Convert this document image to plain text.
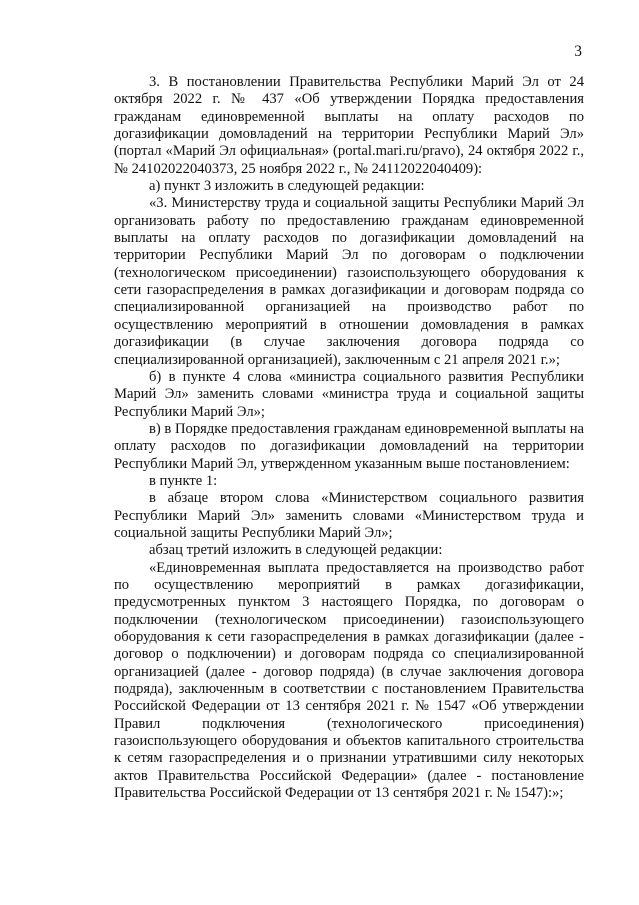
3

3. В постановлении Правительства Республики Марий Эл от 24 октября 2022 г. № 437 «Об утверждении Порядка предоставления гражданам единовременной выплаты на оплату расходов по догазификации домовладений на территории Республики Марий Эл» (портал «Марий Эл официальная» (portal.mari.ru/pravo), 24 октября 2022 г., № 24102022040373, 25 ноября 2022 г., № 24112022040409):

а) пункт 3 изложить в следующей редакции:

«3. Министерству труда и социальной защиты Республики Марий Эл организовать работу по предоставлению гражданам единовременной выплаты на оплату расходов по догазификации домовладений на территории Республики Марий Эл по договорам о подключении (технологическом присоединении) газоиспользующего оборудования к сети газораспределения в рамках догазификации и договорам подряда со специализированной организацией на производство работ по осуществлению мероприятий в отношении домовладения в рамках догазификации (в случае заключения договора подряда со специализированной организацией), заключенным с 21 апреля 2021 г.»;

б) в пункте 4 слова «министра социального развития Республики Марий Эл» заменить словами «министра труда и социальной защиты Республики Марий Эл»;

в) в Порядке предоставления гражданам единовременной выплаты на оплату расходов по догазификации домовладений на территории Республики Марий Эл, утвержденном указанным выше постановлением:

в пункте 1:

в абзаце втором слова «Министерством социального развития Республики Марий Эл» заменить словами «Министерством труда и социальной защиты Республики Марий Эл»;

абзац третий изложить в следующей редакции:

«Единовременная выплата предоставляется на производство работ по осуществлению мероприятий в рамках догазификации, предусмотренных пунктом 3 настоящего Порядка, по договорам о подключении (технологическом присоединении) газоиспользующего оборудования к сети газораспределения в рамках догазификации (далее - договор о подключении) и договорам подряда со специализированной организацией (далее - договор подряда) (в случае заключения договора подряда), заключенным в соответствии с постановлением Правительства Российской Федерации от 13 сентября 2021 г. № 1547 «Об утверждении Правил подключения (технологического присоединения) газоиспользующего оборудования и объектов капитального строительства к сетям газораспределения и о признании утратившими силу некоторых актов Правительства Российской Федерации» (далее - постановление Правительства Российской Федерации от 13 сентября 2021 г. № 1547):»;
